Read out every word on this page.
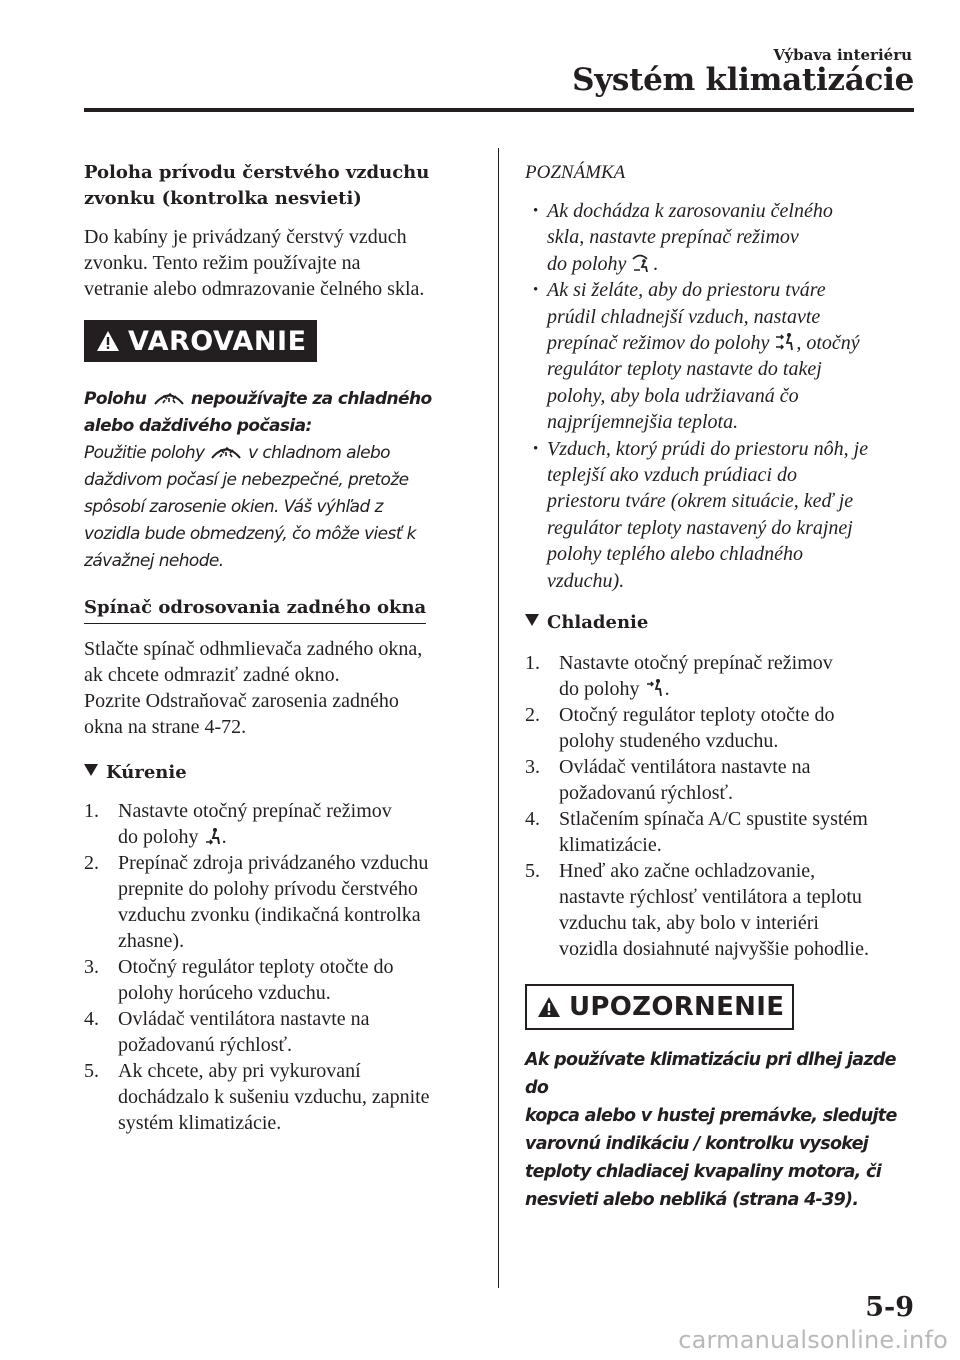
Výbava interiéru
Systém klimatizácie

Poloha prívodu čerstvého vzduchu
zvonku (kontrolka nesvieti)

Do kabíny je privádzaný čerstvý vzduch
zvonku. Tento režim používajte na
vetranie alebo odmrazovanie čelného skla.

VAROVANIE

Polohu	nepoužívajte za chladného
alebo daždivého počasia:

Použitie polohy	v chladnom alebo
daždivom počasí je nebezpečné, pretože
spôsobí zarosenie okien. Váš výhľad z
vozidla bude obmedzený, čo môže viesť k
závažnej nehode.

Spínač odrosovania zadného okna

Stlačte spínač odhmlievača zadného okna,
ak chcete odmraziť zadné okno.
Pozrite Odstraňovač zarosenia zadného
okna na strane 4-72.

Kúrenie

1. Nastavte otočný prepínač režimov
do polohy .
2. Prepínač zdroja privádzaného vzduchu
prepnite do polohy prívodu čerstvého
vzduchu zvonku (indikačná kontrolka
zhasne).
3. Otočný regulátor teploty otočte do
polohy horúceho vzduchu.
4. Ovládač ventilátora nastavte na
požadovanú rýchlosť.
5. Ak chcete, aby pri vykurovaní
dochádzalo k sušeniu vzduchu, zapnite
systém klimatizácie.

POZNÁMKA

• Ak dochádza k zarosovaniu čelného
skla, nastavte prepínač režimov
do polohy .
• Ak si želáte, aby do priestoru tváre
prúdil chladnejší vzduch, nastavte
prepínač režimov do polohy , otočný
regulátor teploty nastavte do takej
polohy, aby bola udržiavaná čo
najpríjemnejšia teplota.
• Vzduch, ktorý prúdi do priestoru nôh, je
teplejší ako vzduch prúdiaci do
priestoru tváre (okrem situácie, keď je
regulátor teploty nastavený do krajnej
polohy teplého alebo chladného
vzduchu).

Chladenie

1. Nastavte otočný prepínač režimov
do polohy .
2. Otočný regulátor teploty otočte do
polohy studeného vzduchu.
3. Ovládač ventilátora nastavte na
požadovanú rýchlosť.
4. Stlačením spínača A/C spustite systém
klimatizácie.
5. Hneď ako začne ochladzovanie,
nastavte rýchlosť ventilátora a teplotu
vzduchu tak, aby bolo v interiéri
vozidla dosiahnuté najvyššie pohodlie.
UPOZORNENIE

Ak používate klimatizáciu pri dlhej jazde do
kopca alebo v hustej premávke, sledujte
varovnú indikáciu / kontrolku vysokej
teploty chladiacej kvapaliny motora, či
nesvieti alebo nebliká (strana 4-39).

5-9
carmanualsonline.info
